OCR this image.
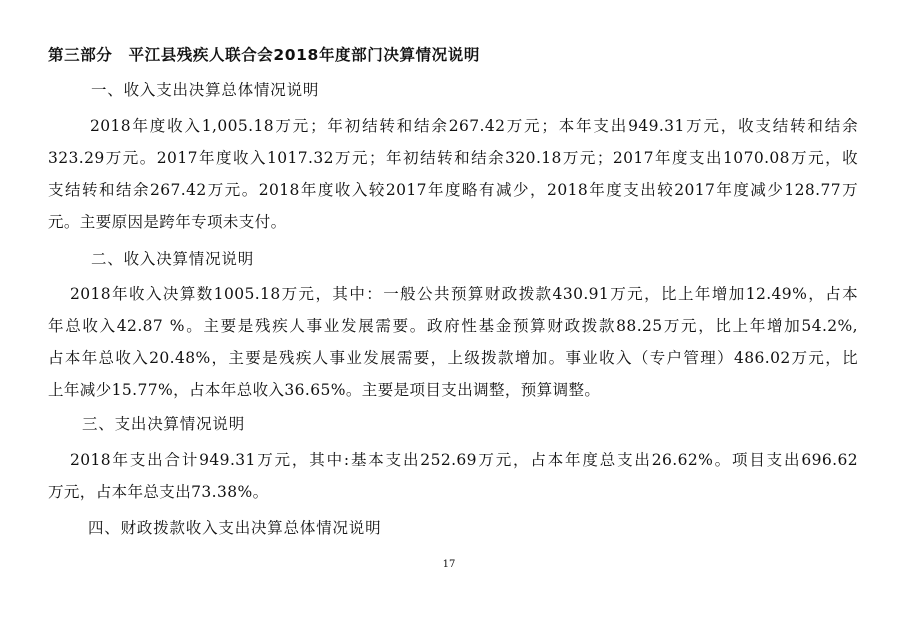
第三部分　平江县残疾人联合会2018年度部门决算情况说明
一、收入支出决算总体情况说明
2018年度收入1,005.18万元；年初结转和结余267.42万元；本年支出949.31万元，收支结转和结余
323.29万元。2017年度收入1017.32万元；年初结转和结余320.18万元；2017年度支出1070.08万元，收
支结转和结余267.42万元。2018年度收入较2017年度略有减少，2018年度支出较2017年度减少128.77万
元。主要原因是跨年专项未支付。
二、收入决算情况说明
2018年收入决算数1005.18万元，其中：一般公共预算财政拨款430.91万元，比上年增加12.49%，占本
年总收入42.87 %。主要是残疾人事业发展需要。政府性基金预算财政拨款88.25万元，比上年增加54.2%,
占本年总收入20.48%，主要是残疾人事业发展需要，上级拨款增加。事业收入（专户管理）486.02万元，比
上年减少15.77%，占本年总收入36.65%。主要是项目支出调整，预算调整。
三、支出决算情况说明
2018年支出合计949.31万元，其中:基本支出252.69万元，占本年度总支出26.62%。项目支出696.62
万元，占本年总支出73.38%。
四、财政拨款收入支出决算总体情况说明
17
